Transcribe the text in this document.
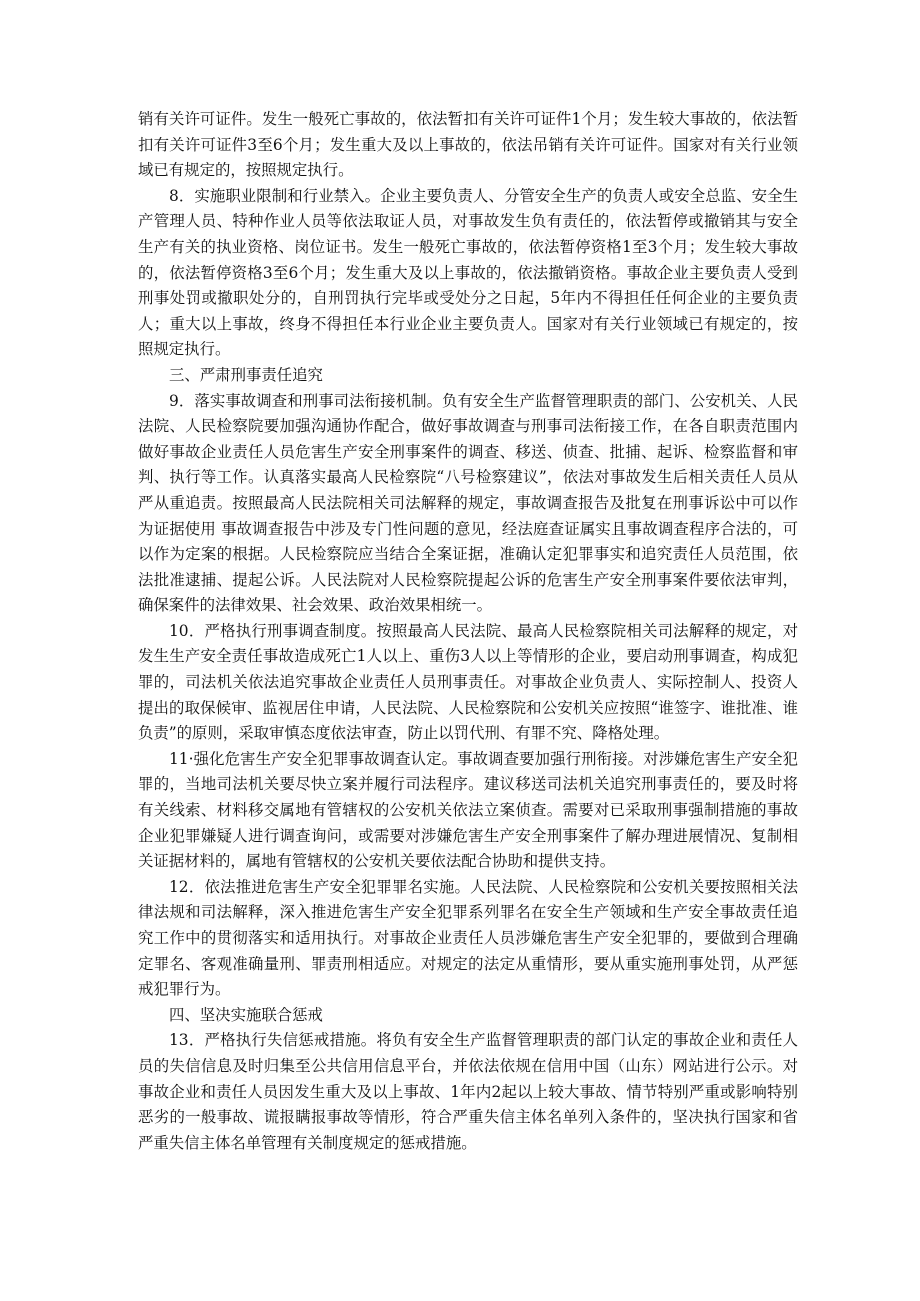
销有关许可证件。发生一般死亡事故的，依法暂扣有关许可证件1个月；发生较大事故的，依法暂扣有关许可证件3至6个月；发生重大及以上事故的，依法吊销有关许可证件。国家对有关行业领域已有规定的，按照规定执行。

8．实施职业限制和行业禁入。企业主要负责人、分管安全生产的负责人或安全总监、安全生产管理人员、特种作业人员等依法取证人员，对事故发生负有责任的，依法暂停或撤销其与安全生产有关的执业资格、岗位证书。发生一般死亡事故的，依法暂停资格1至3个月；发生较大事故的，依法暂停资格3至6个月；发生重大及以上事故的，依法撤销资格。事故企业主要负责人受到刑事处罚或撤职处分的，自刑罚执行完毕或受处分之日起，5年内不得担任任何企业的主要负责人；重大以上事故，终身不得担任本行业企业主要负责人。国家对有关行业领域已有规定的，按照规定执行。

三、严肃刑事责任追究

9．落实事故调查和刑事司法衔接机制。负有安全生产监督管理职责的部门、公安机关、人民法院、人民检察院要加强沟通协作配合，做好事故调查与刑事司法衔接工作，在各自职责范围内做好事故企业责任人员危害生产安全刑事案件的调查、移送、侦查、批捕、起诉、检察监督和审判、执行等工作。认真落实最高人民检察院“八号检察建议”，依法对事故发生后相关责任人员从严从重追责。按照最高人民法院相关司法解释的规定，事故调查报告及批复在刑事诉讼中可以作为证据使用 事故调查报告中涉及专门性问题的意见，经法庭查证属实且事故调查程序合法的，可以作为定案的根据。人民检察院应当结合全案证据，准确认定犯罪事实和追究责任人员范围，依法批准逮捕、提起公诉。人民法院对人民检察院提起公诉的危害生产安全刑事案件要依法审判，确保案件的法律效果、社会效果、政治效果相统一。

10．严格执行刑事调查制度。按照最高人民法院、最高人民检察院相关司法解释的规定，对发生生产安全责任事故造成死亡1人以上、重伤3人以上等情形的企业，要启动刑事调查，构成犯罪的，司法机关依法追究事故企业责任人员刑事责任。对事故企业负责人、实际控制人、投资人提出的取保候审、监视居住申请，人民法院、人民检察院和公安机关应按照“谁签字、谁批准、谁负责”的原则，采取审慎态度依法审查，防止以罚代刑、有罪不究、降格处理。

11·强化危害生产安全犯罪事故调查认定。事故调查要加强行刑衔接。对涉嫌危害生产安全犯罪的，当地司法机关要尽快立案并履行司法程序。建议移送司法机关追究刑事责任的，要及时将有关线索、材料移交属地有管辖权的公安机关依法立案侦查。需要对已采取刑事强制措施的事故企业犯罪嫌疑人进行调查询问，或需要对涉嫌危害生产安全刑事案件了解办理进展情况、复制相关证据材料的，属地有管辖权的公安机关要依法配合协助和提供支持。

12．依法推进危害生产安全犯罪罪名实施。人民法院、人民检察院和公安机关要按照相关法律法规和司法解释，深入推进危害生产安全犯罪系列罪名在安全生产领域和生产安全事故责任追究工作中的贯彻落实和适用执行。对事故企业责任人员涉嫌危害生产安全犯罪的，要做到合理确定罪名、客观准确量刑、罪责刑相适应。对规定的法定从重情形，要从重实施刑事处罚，从严惩戒犯罪行为。

四、坚决实施联合惩戒

13．严格执行失信惩戒措施。将负有安全生产监督管理职责的部门认定的事故企业和责任人员的失信信息及时归集至公共信用信息平台，并依法依规在信用中国（山东）网站进行公示。对事故企业和责任人员因发生重大及以上事故、1年内2起以上较大事故、情节特别严重或影响特别恶劣的一般事故、谎报瞒报事故等情形，符合严重失信主体名单列入条件的，坚决执行国家和省严重失信主体名单管理有关制度规定的惩戒措施。
